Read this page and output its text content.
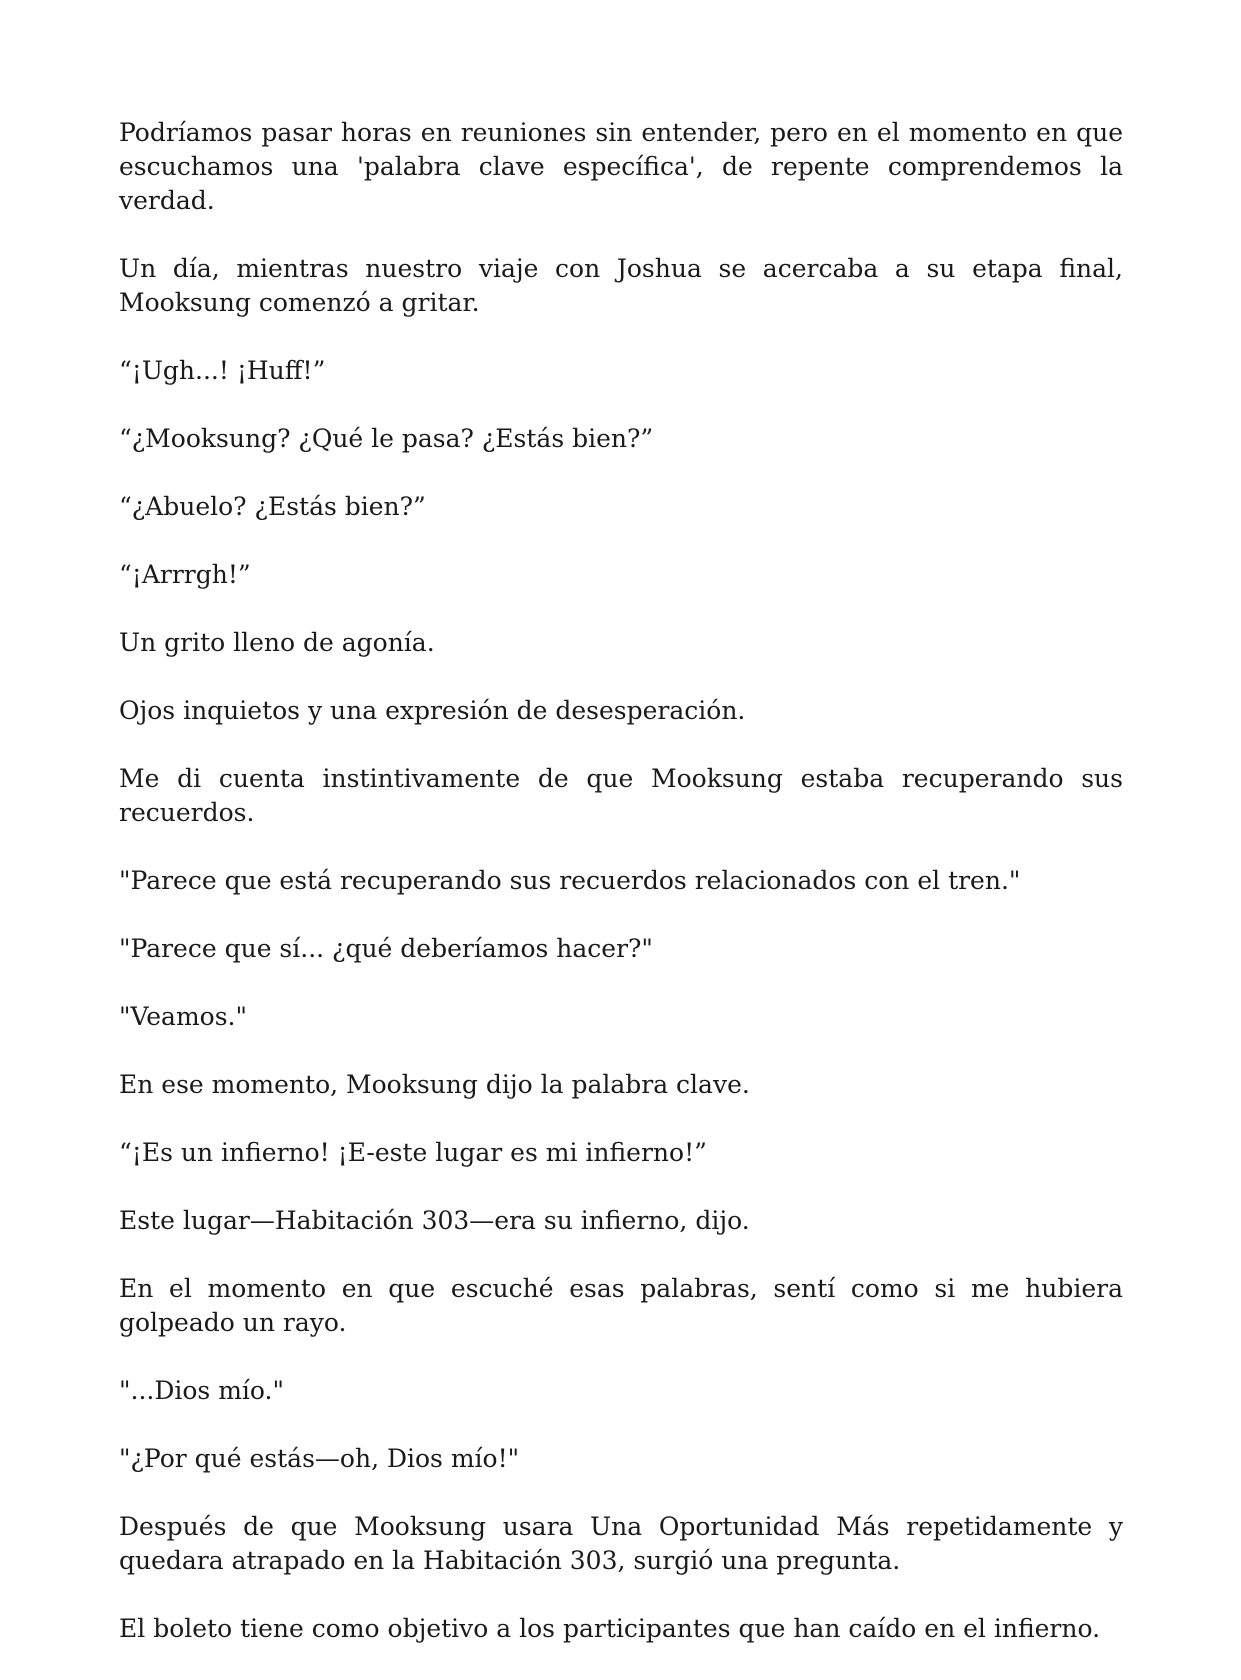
Podríamos pasar horas en reuniones sin entender, pero en el momento en que escuchamos una 'palabra clave específica', de repente comprendemos la verdad.

Un día, mientras nuestro viaje con Joshua se acercaba a su etapa final, Mooksung comenzó a gritar.

“¡Ugh...! ¡Huff!”

“¿Mooksung? ¿Qué le pasa? ¿Estás bien?”

“¿Abuelo? ¿Estás bien?”

“¡Arrrgh!”

Un grito lleno de agonía.

Ojos inquietos y una expresión de desesperación.

Me di cuenta instintivamente de que Mooksung estaba recuperando sus recuerdos.

"Parece que está recuperando sus recuerdos relacionados con el tren."

"Parece que sí... ¿qué deberíamos hacer?"

"Veamos."

En ese momento, Mooksung dijo la palabra clave.

“¡Es un infierno! ¡E-este lugar es mi infierno!”

Este lugar—Habitación 303—era su infierno, dijo.

En el momento en que escuché esas palabras, sentí como si me hubiera golpeado un rayo.

"...Dios mío."

"¿Por qué estás—oh, Dios mío!"

Después de que Mooksung usara Una Oportunidad Más repetidamente y quedara atrapado en la Habitación 303, surgió una pregunta.

El boleto tiene como objetivo a los participantes que han caído en el infierno.
